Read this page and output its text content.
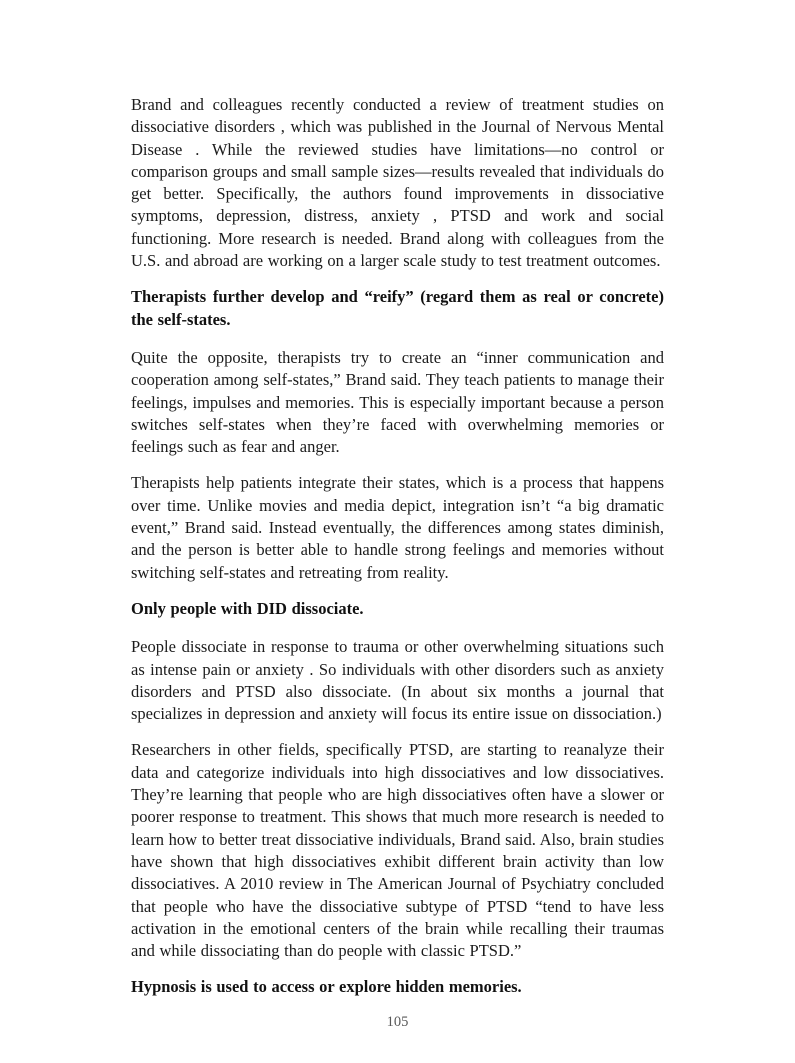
Brand and colleagues recently conducted a review of treatment studies on dissociative disorders , which was published in the Journal of Nervous Mental Disease . While the reviewed studies have limitations—no control or comparison groups and small sample sizes—results revealed that individuals do get better. Specifically, the authors found improvements in dissociative symptoms, depression, distress, anxiety , PTSD and work and social functioning. More research is needed. Brand along with colleagues from the U.S. and abroad are working on a larger scale study to test treatment outcomes.

Therapists further develop and “reify” (regard them as real or concrete) the self-states.

Quite the opposite, therapists try to create an “inner communication and cooperation among self-states,” Brand said. They teach patients to manage their feelings, impulses and memories. This is especially important because a person switches self-states when they’re faced with overwhelming memories or feelings such as fear and anger.

Therapists help patients integrate their states, which is a process that happens over time. Unlike movies and media depict, integration isn’t “a big dramatic event,” Brand said. Instead eventually, the differences among states diminish, and the person is better able to handle strong feelings and memories without switching self-states and retreating from reality.

Only people with DID dissociate.

People dissociate in response to trauma or other overwhelming situations such as intense pain or anxiety . So individuals with other disorders such as anxiety disorders and PTSD also dissociate. (In about six months a journal that specializes in depression and anxiety will focus its entire issue on dissociation.)

Researchers in other fields, specifically PTSD, are starting to reanalyze their data and categorize individuals into high dissociatives and low dissociatives. They’re learning that people who are high dissociatives often have a slower or poorer response to treatment. This shows that much more research is needed to learn how to better treat dissociative individuals, Brand said. Also, brain studies have shown that high dissociatives exhibit different brain activity than low dissociatives. A 2010 review in The American Journal of Psychiatry concluded that people who have the dissociative subtype of PTSD “tend to have less activation in the emotional centers of the brain while recalling their traumas and while dissociating than do people with classic PTSD.”

Hypnosis is used to access or explore hidden memories.

105
